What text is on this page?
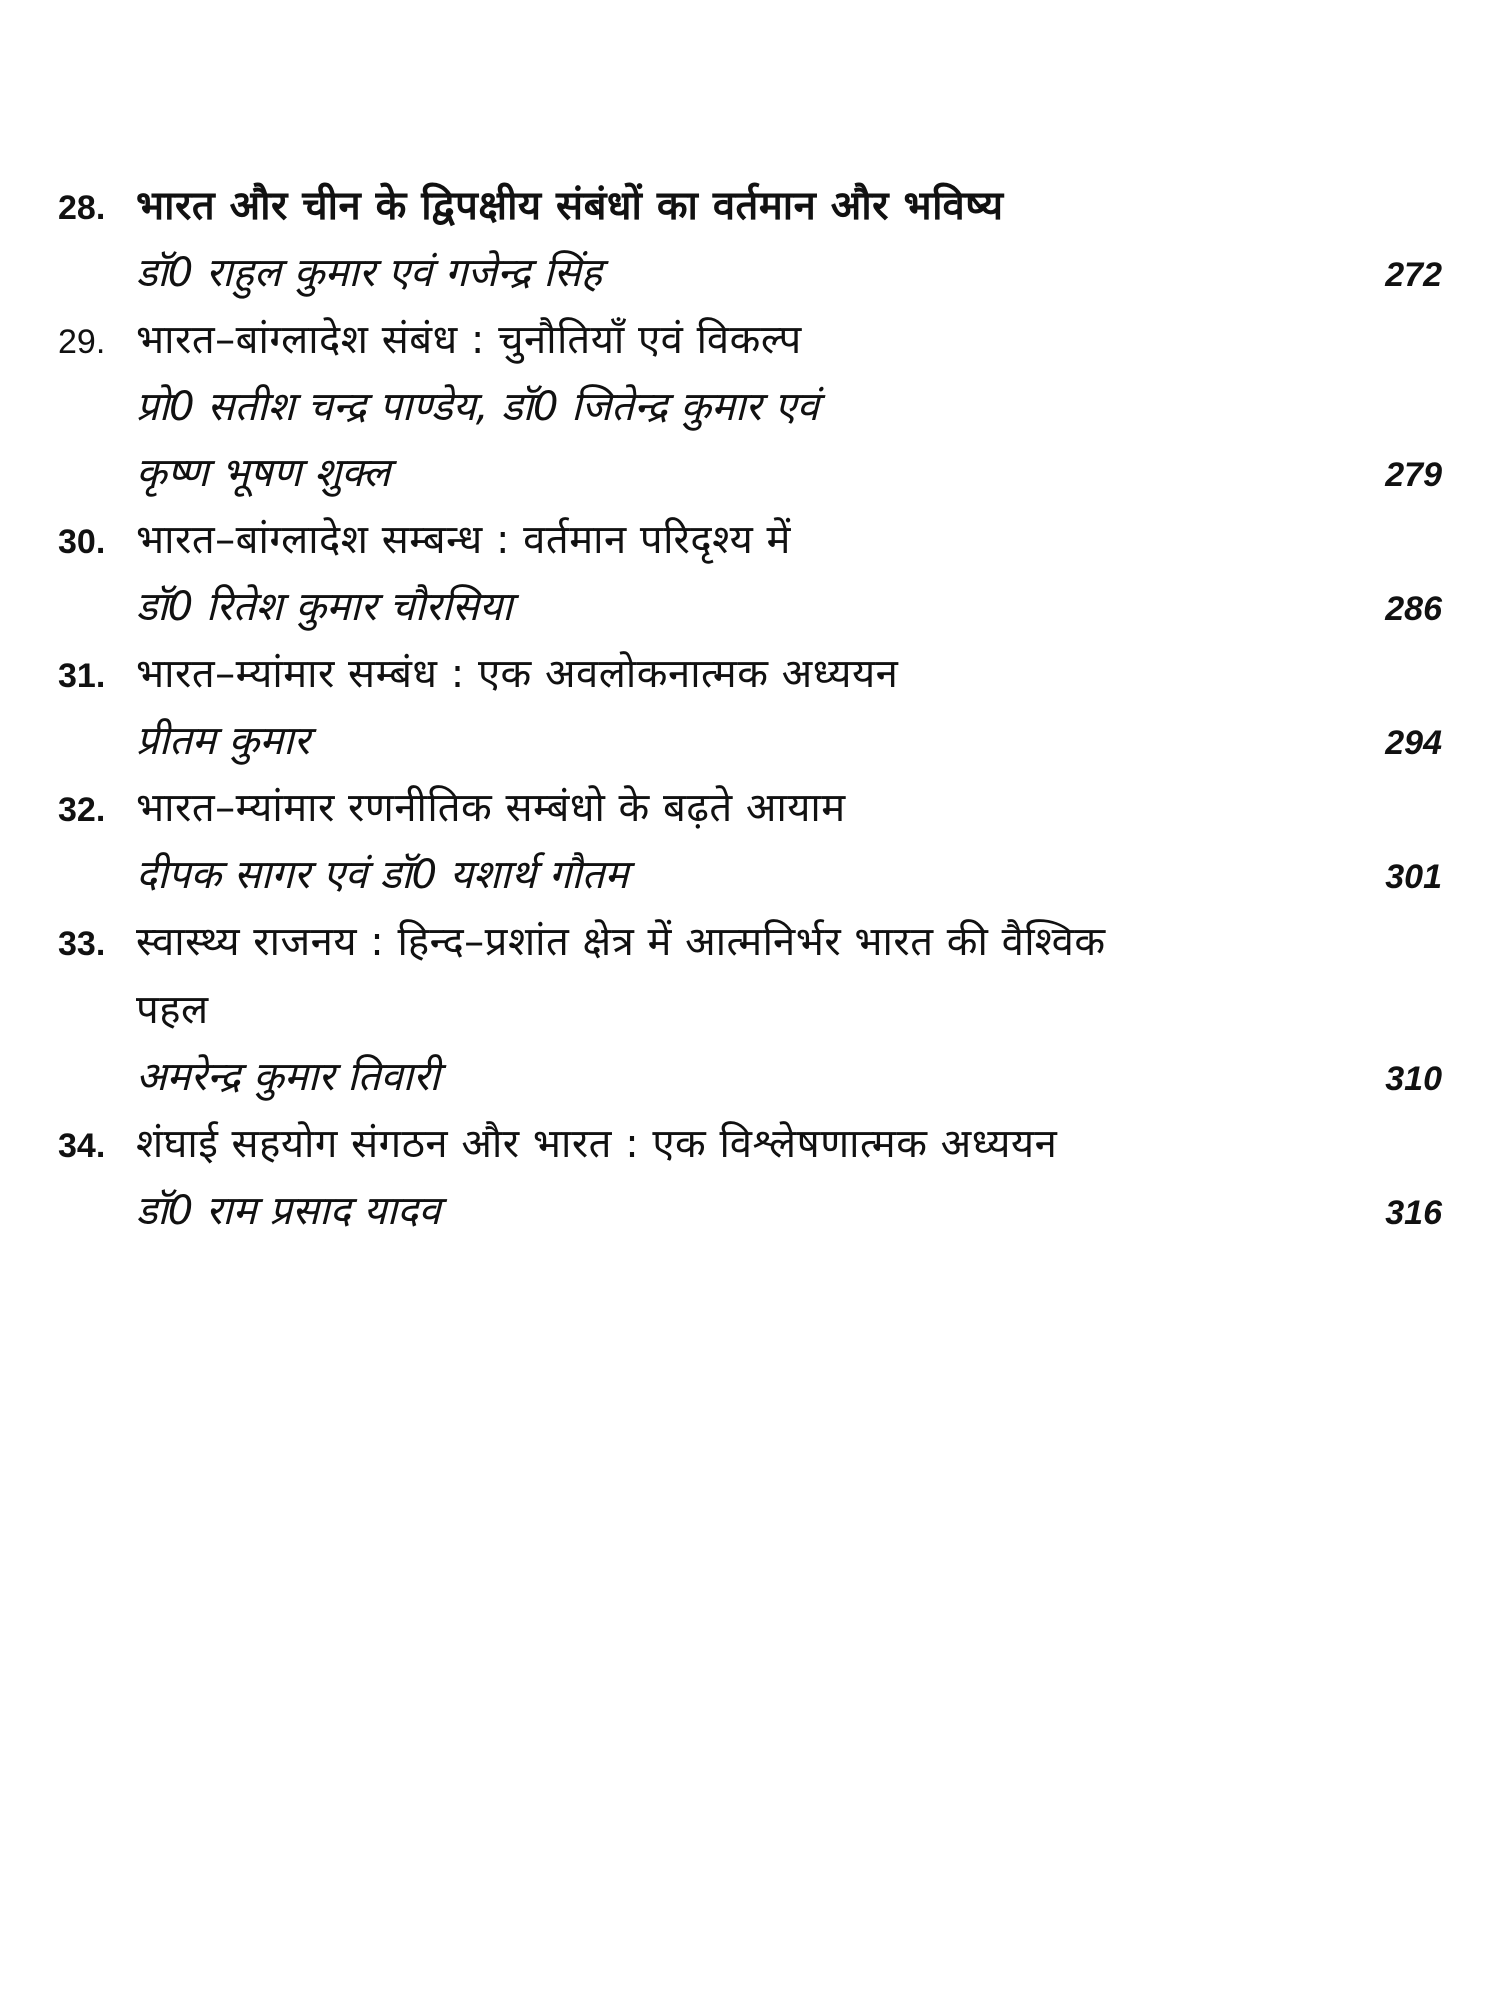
28. भारत और चीन के द्विपक्षीय संबंधों का वर्तमान और भविष्य
डॉ0 राहुल कुमार एवं गजेन्द्र सिंह	272
29. भारत–बांग्लादेश संबंध : चुनौतियाँ एवं विकल्प
प्रो0 सतीश चन्द्र पाण्डेय, डॉ0 जितेन्द्र कुमार एवं
कृष्ण भूषण शुक्ल	279
30. भारत–बांग्लादेश सम्बन्ध : वर्तमान परिदृश्य में
डॉ0 रितेश कुमार चौरसिया	286
31. भारत–म्यांमार सम्बंध : एक अवलोकनात्मक अध्ययन
प्रीतम कुमार	294
32. भारत–म्यांमार रणनीतिक सम्बंधो के बढ़ते आयाम
दीपक सागर एवं डॉ0 यशार्थ गौतम	301
33. स्वास्थ्य राजनय : हिन्द–प्रशांत क्षेत्र में आत्मनिर्भर भारत की वैश्विक
पहल
अमरेन्द्र कुमार तिवारी	310
34. शंघाई सहयोग संगठन और भारत : एक विश्लेषणात्मक अध्ययन
डॉ0 राम प्रसाद यादव	316
